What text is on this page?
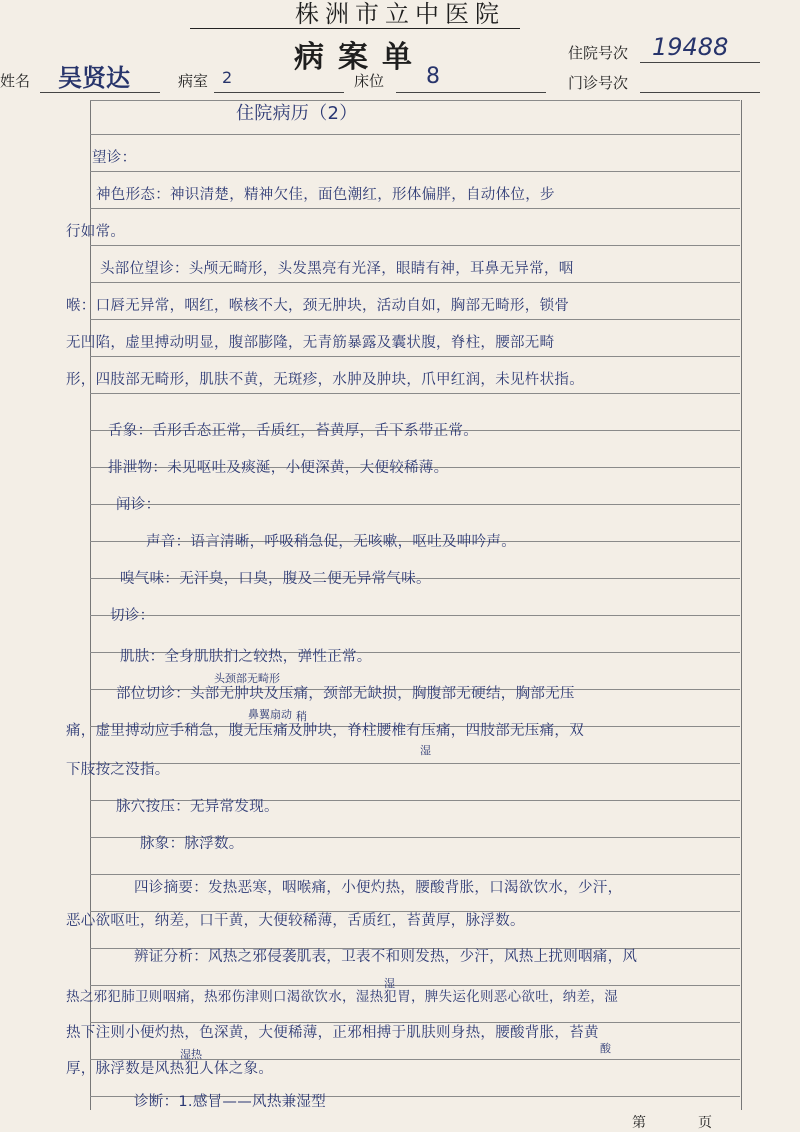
株洲市立中医院
病案单
姓名 吴贤达	病室 2	床位 8
住院号次 19488
门诊号次
住院病历（2）
望诊：
神色形态：神识清楚，精神欠佳，面色潮红，形体偏胖，自动体位，步
行如常。
头部位望诊：头颅无畸形，头发黑亮有光泽，眼睛有神，耳鼻无异常，咽
喉：口唇无异常，咽红，喉核不大，颈无肿块，活动自如，胸部无畸形，锁骨
无凹陷，虚里搏动明显，腹部膨隆，无青筋暴露及囊状腹，脊柱，腰部无畸
形，四肢部无畸形，肌肤不黄，无斑疹，水肿及肿块，爪甲红润，未见杵状指。
舌象：舌形舌态正常，舌质红，苔黄厚，舌下系带正常。
排泄物：未见呕吐及痰涎，小便深黄，大便较稀薄。
闻诊：
声音：语言清晰，呼吸稍急促，无咳嗽，呕吐及呻吟声。
嗅气味：无汗臭，口臭，腹及二便无异常气味。
切诊：
肌肤：全身肌肤扪之较热，弹性正常。
部位切诊：头部无肿块及压痛，颈部无缺损，胸腹部无硬结，胸部无压
痛，虚里搏动应手稍急，腹无压痛及肿块，脊柱腰椎有压痛，四肢部无压痛，双
下肢按之没指。
脉穴按压：无异常发现。
脉象：脉浮数。
四诊摘要：发热恶寒，咽喉痛，小便灼热，腰酸背胀，口渴欲饮水，少汗，
恶心欲呕吐，纳差，口干黄，大便较稀薄，舌质红，苔黄厚，脉浮数。
辨证分析：风热之邪侵袭肌表，卫表不和则发热，少汗，风热上扰则咽痛，风
热之邪犯肺卫则咽痛，热邪伤津则口渴欲饮水，湿热犯胃，脾失运化则恶心欲吐，纳差，湿
热下注则小便灼热，色深黄，大便稀薄，正邪相搏于肌肤则身热，腰酸背胀，苔黄
厚，脉浮数是风热犯人体之象。
诊断：1.感冒——风热兼湿型
头颈部无畸形
鼻翼扇动 稍
湿
酸
湿
湿热
第	页
